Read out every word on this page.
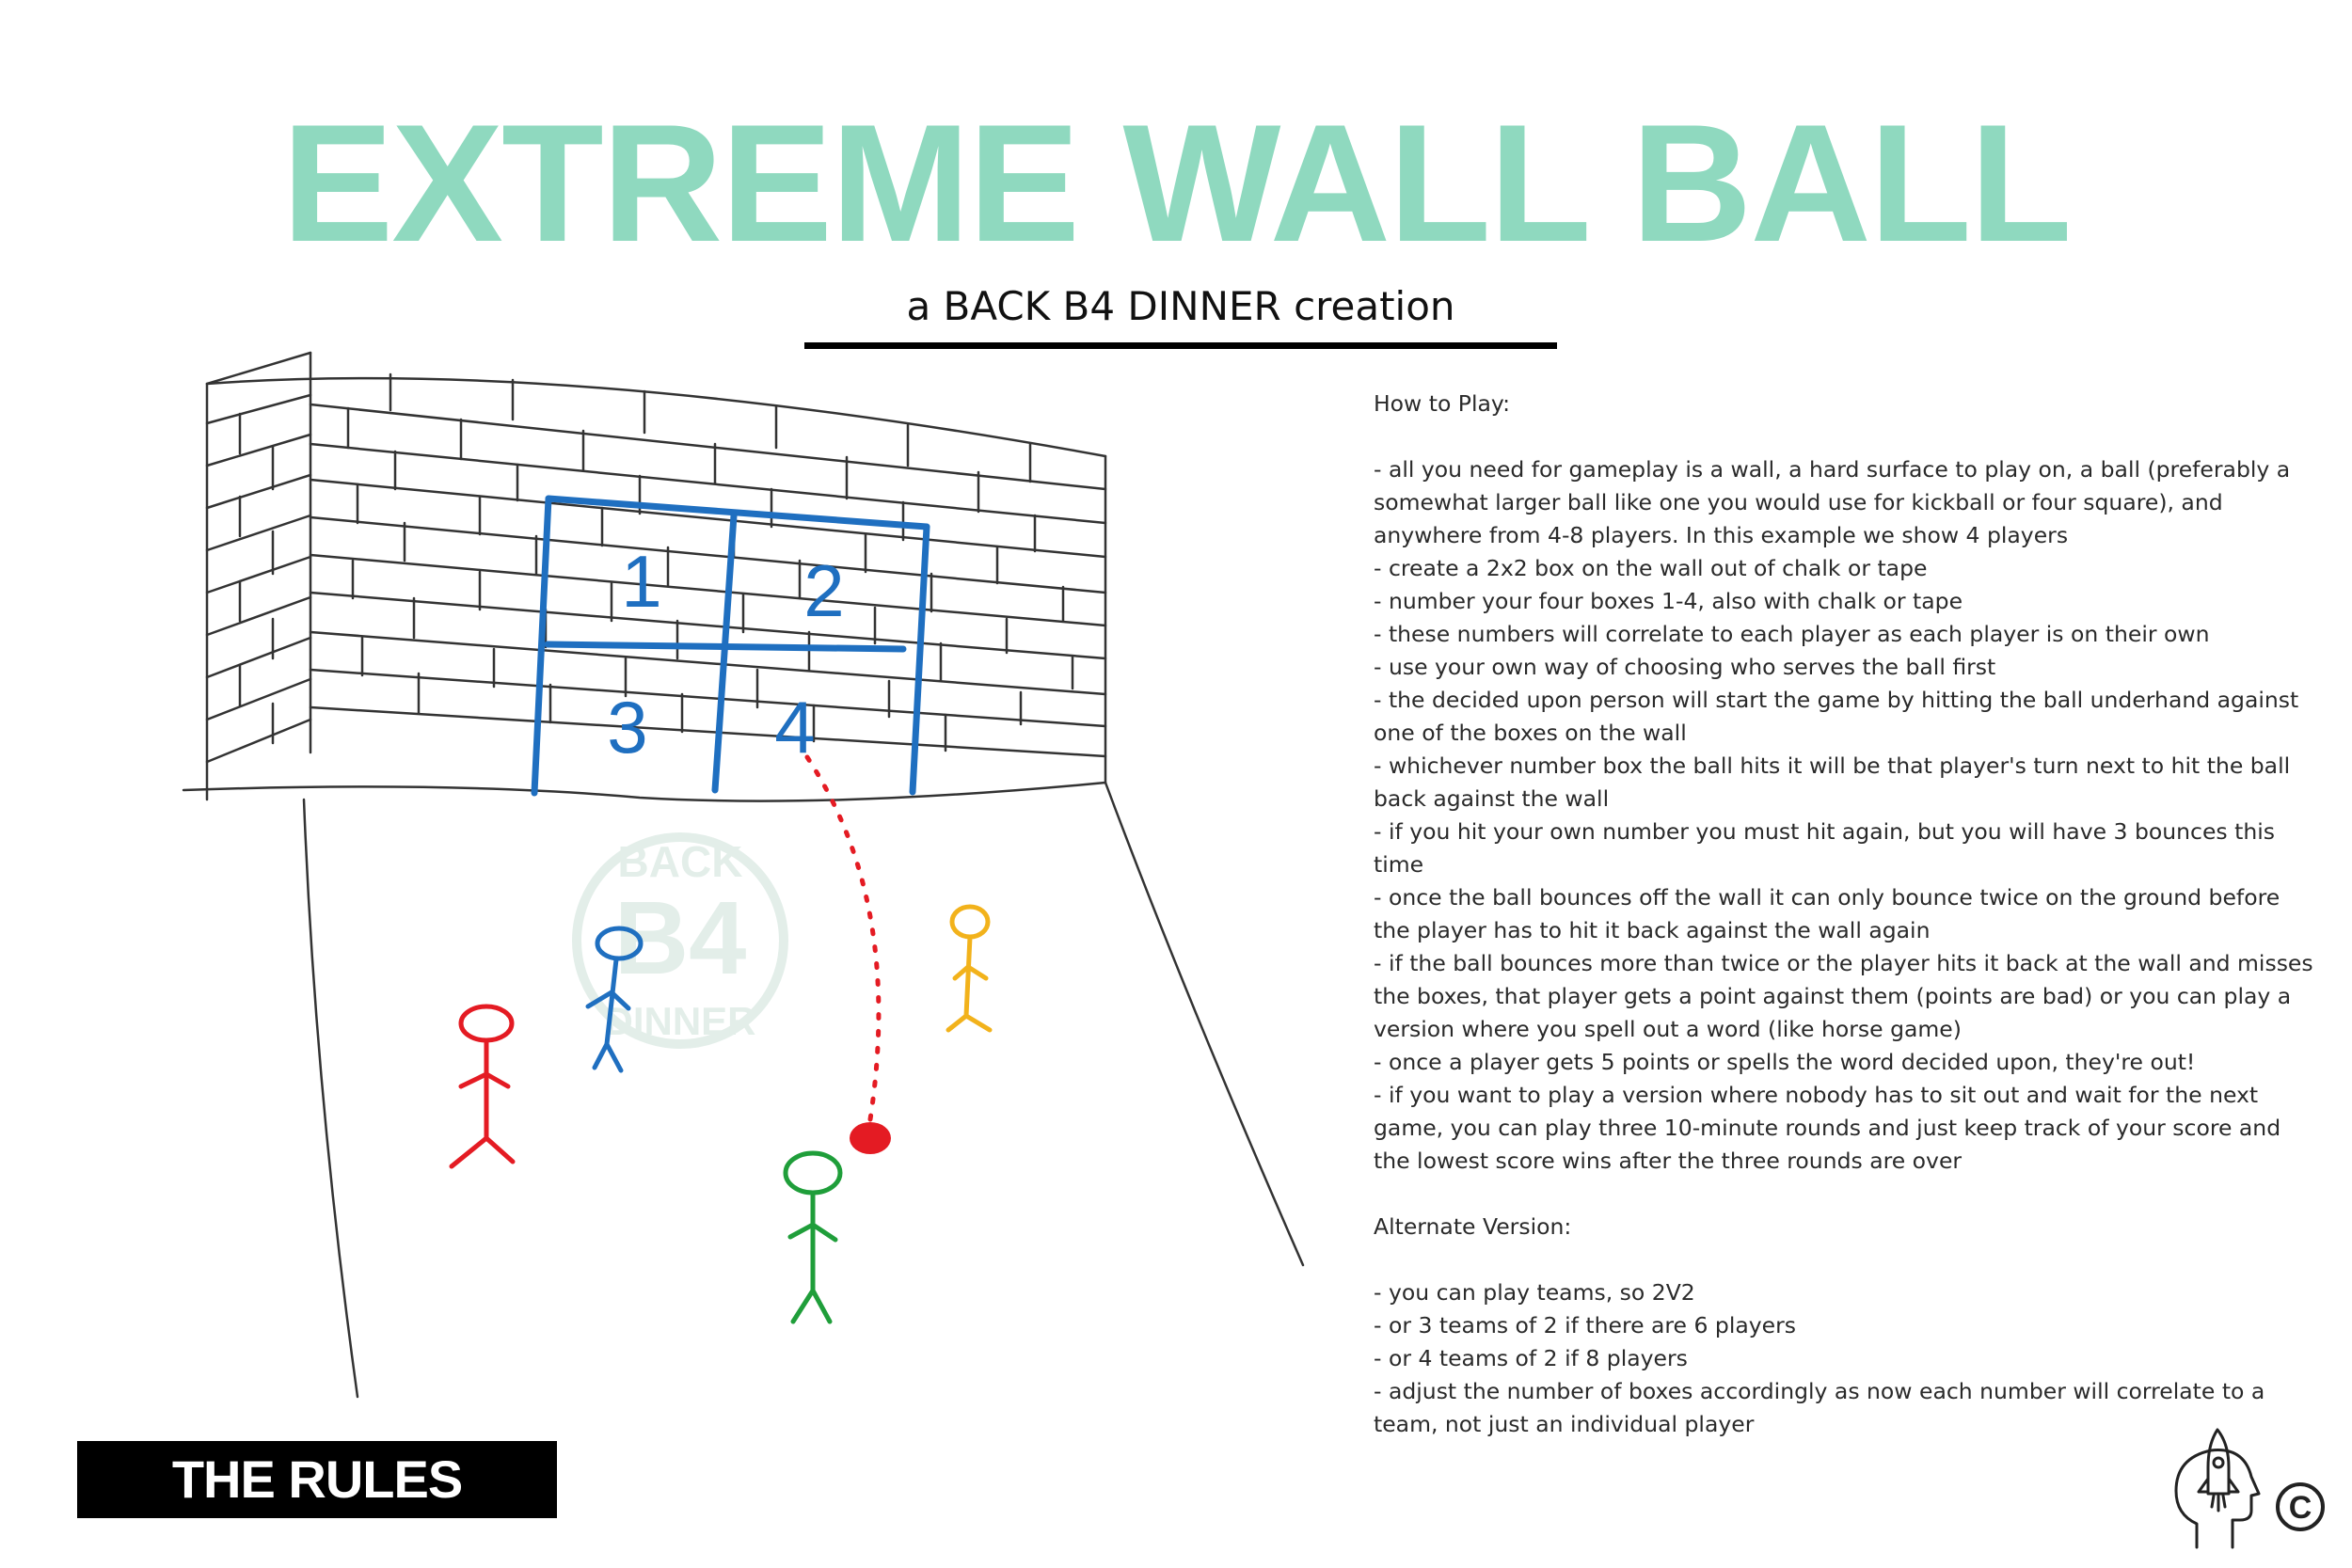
EXTREME WALL BALL
a BACK B4 DINNER creation
BACK
B4
DINNER
1 2
3 4

How to Play:

- all you need for gameplay is a wall, a hard surface to play on, a ball (preferably a somewhat larger ball like one you would use for kickball or four square), and anywhere from 4-8 players. In this example we show 4 players

- create a 2x2 box on the wall out of chalk or tape

- number your four boxes 1-4, also with chalk or tape

- these numbers will correlate to each player as each player is on their own

- use your own way of choosing who serves the ball first

- the decided upon person will start the game by hitting the ball underhand against one of the boxes on the wall

- whichever number box the ball hits it will be that player's turn next to hit the ball back against the wall

- if you hit your own number you must hit again, but you will have 3 bounces this time

- once the ball bounces off the wall it can only bounce twice on the ground before the player has to hit it back against the wall again

- if the ball bounces more than twice or the player hits it back at the wall and misses the boxes, that player gets a point against them (points are bad) or you can play a version where you spell out a word (like horse game)

- once a player gets 5 points or spells the word decided upon, they're out!

- if you want to play a version where nobody has to sit out and wait for the next game, you can play three 10-minute rounds and just keep track of your score and the lowest score wins after the three rounds are over

Alternate Version:

- you can play teams, so 2V2

- or 3 teams of 2 if there are 6 players

- or 4 teams of 2 if 8 players

- adjust the number of boxes accordingly as now each number will correlate to a team, not just an individual player

THE RULES	C
